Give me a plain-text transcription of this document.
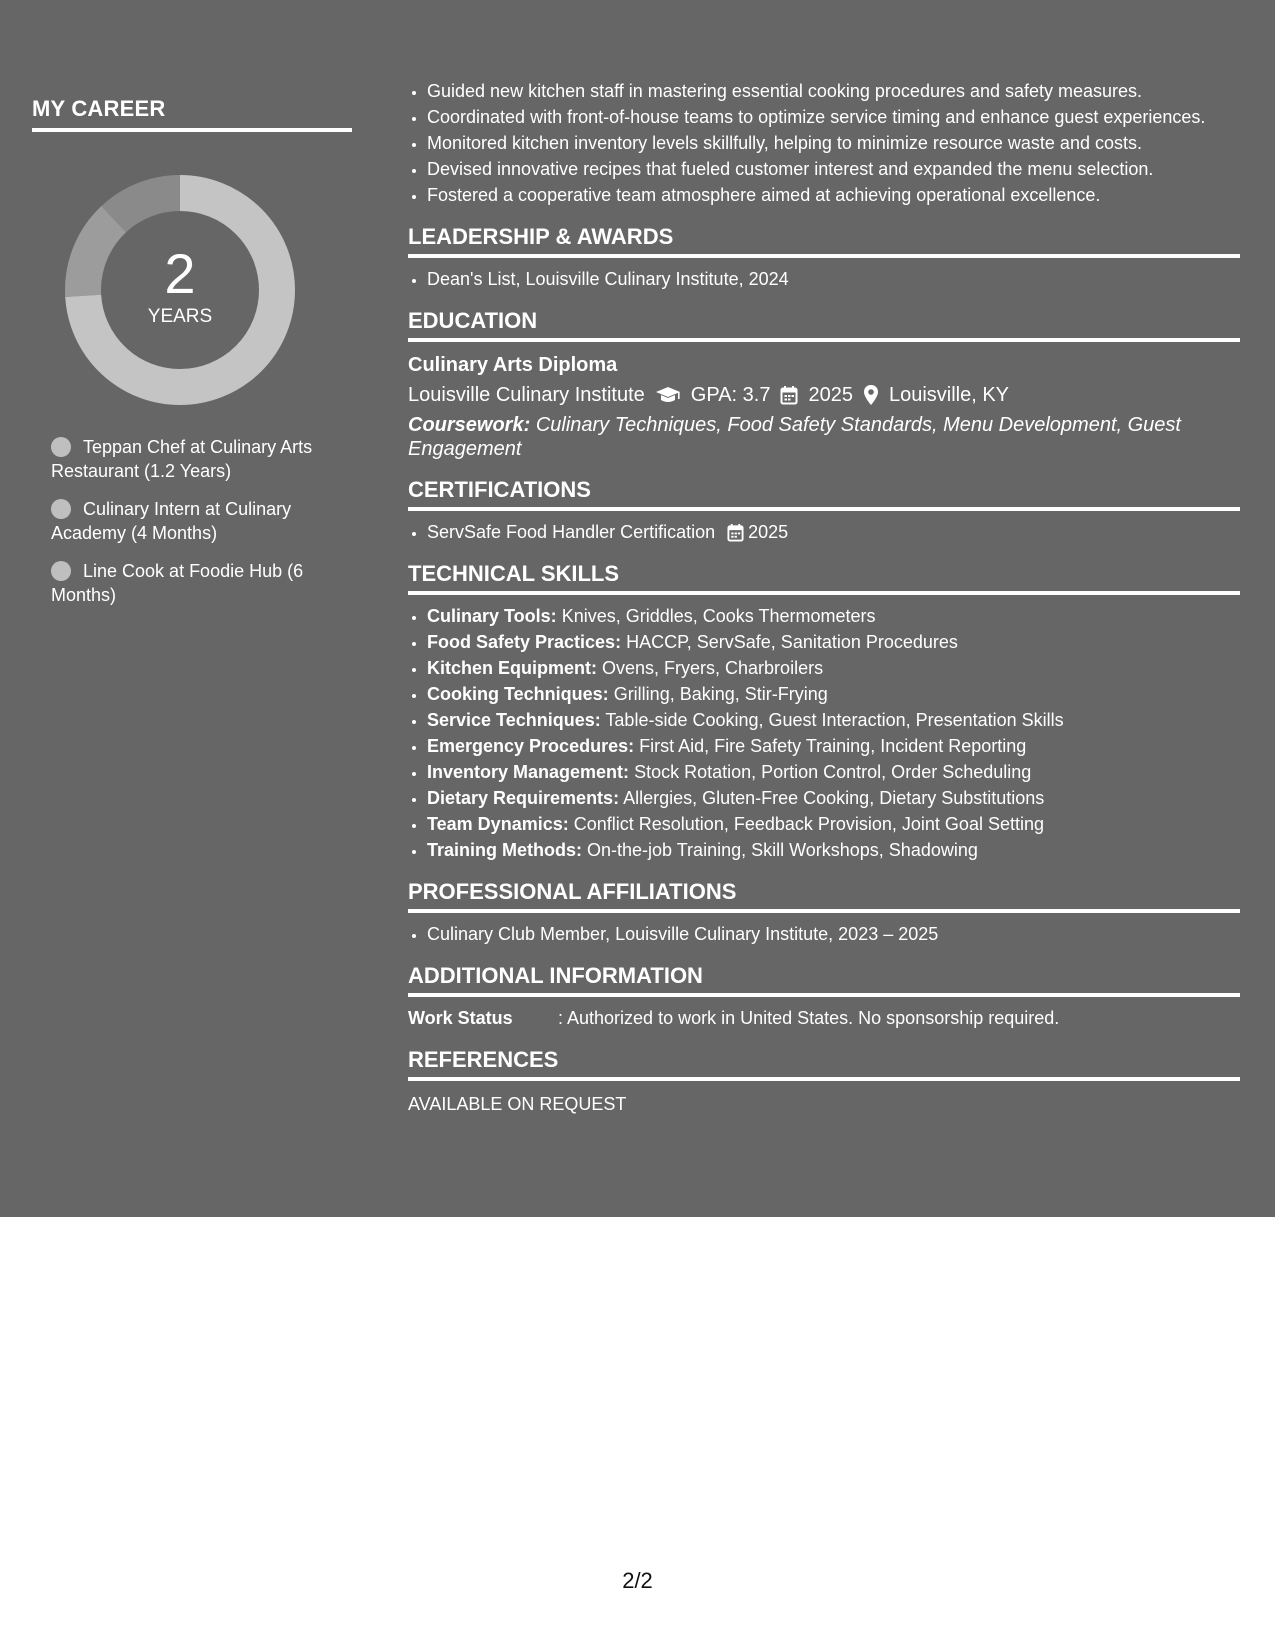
MY CAREER
2
YEARS
Teppan Chef at Culinary Arts Restaurant (1.2 Years)
Culinary Intern at Culinary Academy (4 Months)
Line Cook at Foodie Hub (6 Months)
• Guided new kitchen staff in mastering essential cooking procedures and safety measures.
• Coordinated with front-of-house teams to optimize service timing and enhance guest experiences.
• Monitored kitchen inventory levels skillfully, helping to minimize resource waste and costs.
• Devised innovative recipes that fueled customer interest and expanded the menu selection.
• Fostered a cooperative team atmosphere aimed at achieving operational excellence.
LEADERSHIP & AWARDS
• Dean's List, Louisville Culinary Institute, 2024
EDUCATION
Culinary Arts Diploma
Louisville Culinary Institute GPA: 3.7 2025 Louisville, KY
Coursework: Culinary Techniques, Food Safety Standards, Menu Development, Guest Engagement
CERTIFICATIONS
• ServSafe Food Handler Certification 2025
TECHNICAL SKILLS
• Culinary Tools: Knives, Griddles, Cooks Thermometers
• Food Safety Practices: HACCP, ServSafe, Sanitation Procedures
• Kitchen Equipment: Ovens, Fryers, Charbroilers
• Cooking Techniques: Grilling, Baking, Stir-Frying
• Service Techniques: Table-side Cooking, Guest Interaction, Presentation Skills
• Emergency Procedures: First Aid, Fire Safety Training, Incident Reporting
• Inventory Management: Stock Rotation, Portion Control, Order Scheduling
• Dietary Requirements: Allergies, Gluten-Free Cooking, Dietary Substitutions
• Team Dynamics: Conflict Resolution, Feedback Provision, Joint Goal Setting
• Training Methods: On-the-job Training, Skill Workshops, Shadowing
PROFESSIONAL AFFILIATIONS
• Culinary Club Member, Louisville Culinary Institute, 2023 – 2025
ADDITIONAL INFORMATION
Work Status	: Authorized to work in United States. No sponsorship required.
REFERENCES
AVAILABLE ON REQUEST
2/2
